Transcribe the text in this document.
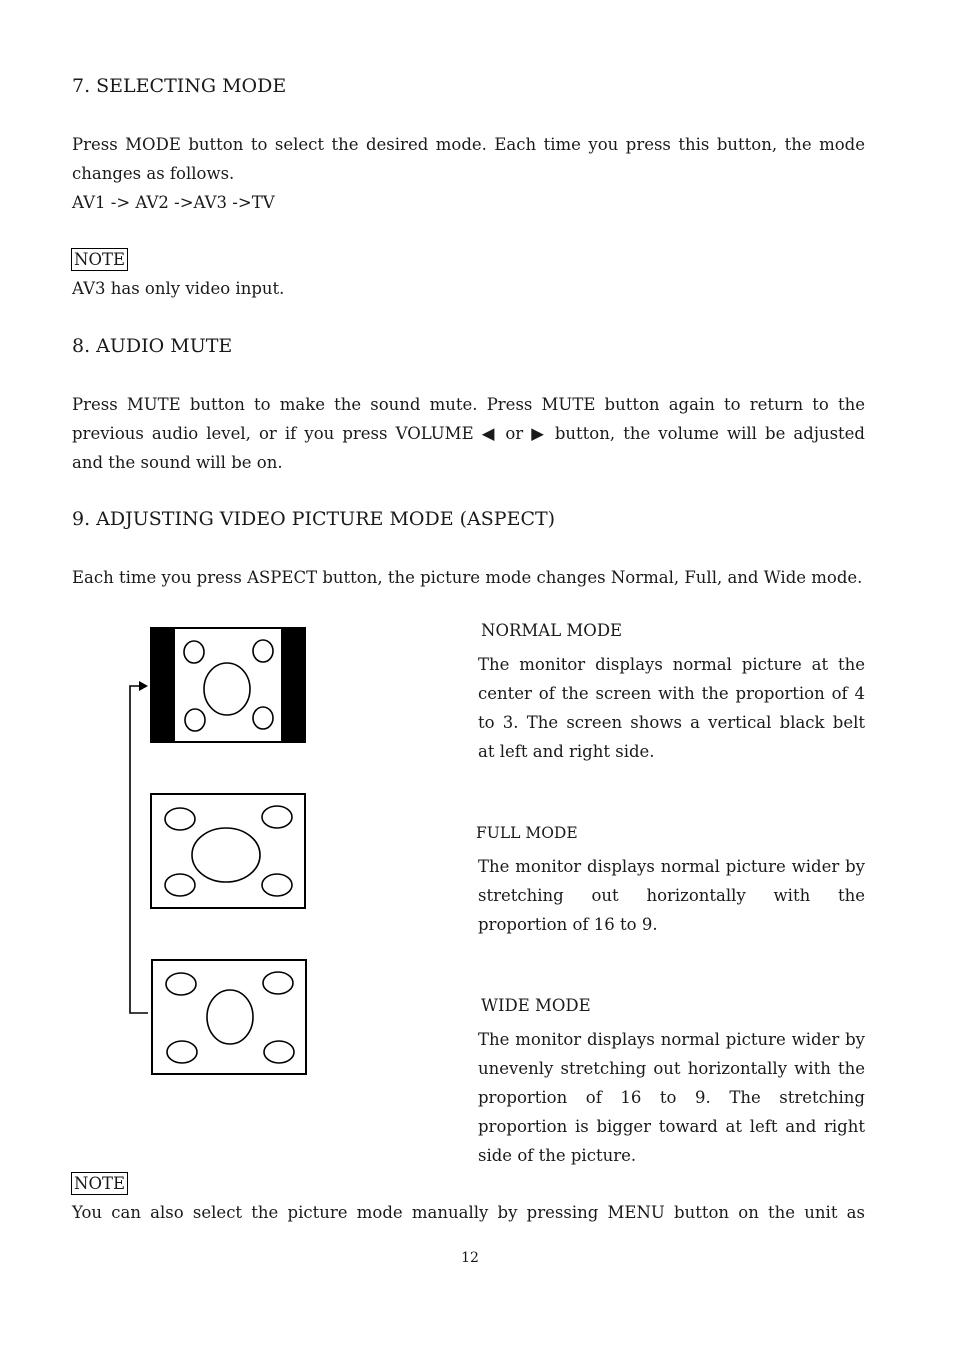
7. SELECTING MODE
Press MODE button to select the desired mode. Each time you press this button, the mode
changes as follows.
AV1 -> AV2 ->AV3 ->TV
NOTE
AV3 has only video input.
8. AUDIO MUTE
Press MUTE button to make the sound mute. Press MUTE button again to return to the
previous audio level, or if you press VOLUME ◀ or ▶ button, the volume will be adjusted
and the sound will be on.
9. ADJUSTING VIDEO PICTURE MODE (ASPECT)
Each time you press ASPECT button, the picture mode changes Normal, Full, and Wide mode.
NORMAL MODE
The monitor displays normal picture at the
center of the screen with the proportion of 4
to 3. The screen shows a vertical black belt
at left and right side.
FULL MODE
The monitor displays normal picture wider by
stretching out horizontally with the
proportion of 16 to 9.
WIDE MODE
The monitor displays normal picture wider by
unevenly stretching out horizontally with the
proportion of 16 to 9. The stretching
proportion is bigger toward at left and right
side of the picture.
NOTE
You can also select the picture mode manually by pressing MENU button on the unit as
12
